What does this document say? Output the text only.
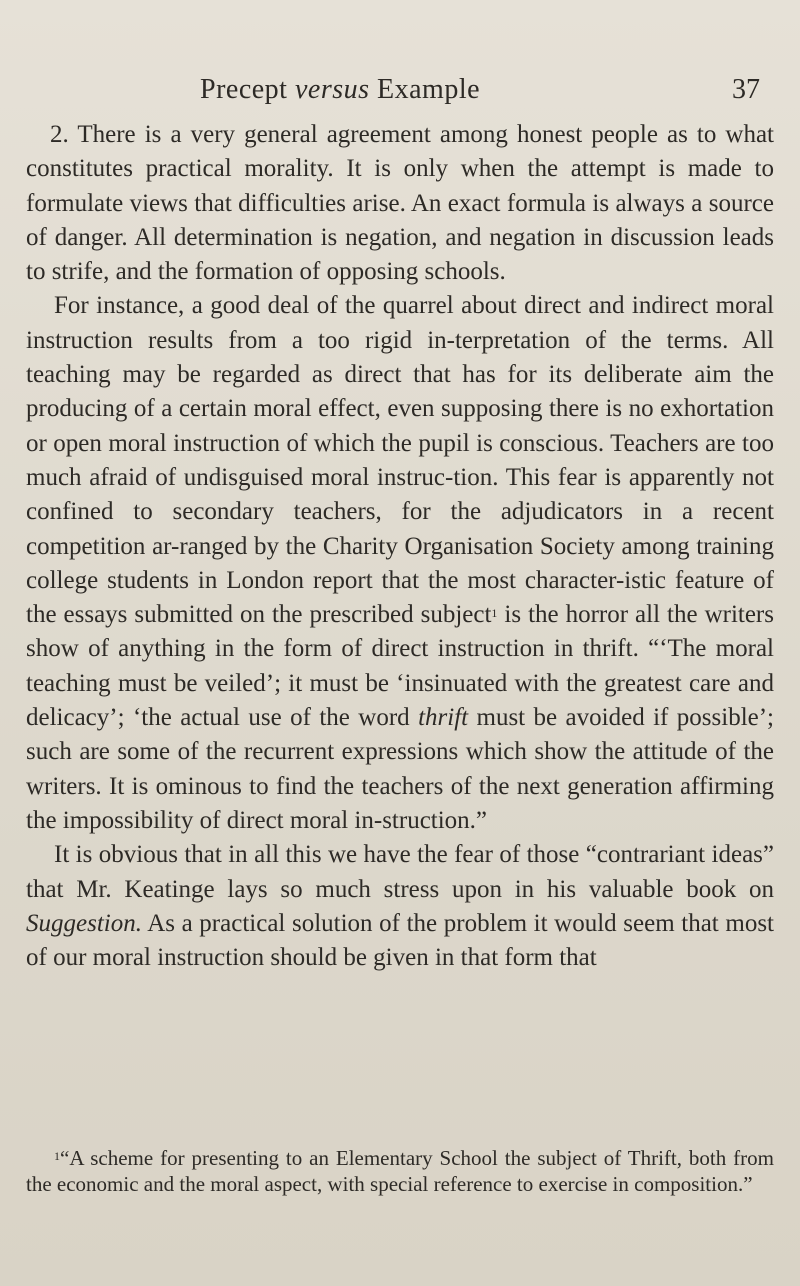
Precept versus Example	37

2. There is a very general agreement among honest people as to what constitutes practical morality. It is only when the attempt is made to formulate views that difficulties arise. An exact formula is always a source of danger. All determination is negation, and negation in discussion leads to strife, and the formation of opposing schools.

For instance, a good deal of the quarrel about direct and indirect moral instruction results from a too rigid in-terpretation of the terms. All teaching may be regarded as direct that has for its deliberate aim the producing of a certain moral effect, even supposing there is no exhortation or open moral instruction of which the pupil is conscious. Teachers are too much afraid of undisguised moral instruc-tion. This fear is apparently not confined to secondary teachers, for the adjudicators in a recent competition ar-ranged by the Charity Organisation Society among training college students in London report that the most character-istic feature of the essays submitted on the prescribed subject$^1$ is the horror all the writers show of anything in the form of direct instruction in thrift. “‘The moral teaching must be veiled’; it must be ‘insinuated with the greatest care and delicacy’; ‘the actual use of the word thrift must be avoided if possible’; such are some of the recurrent expressions which show the attitude of the writers. It is ominous to find the teachers of the next generation affirming the impossibility of direct moral in-struction.”

It is obvious that in all this we have the fear of those “contrariant ideas” that Mr. Keatinge lays so much stress upon in his valuable book on Suggestion. As a practical solution of the problem it would seem that most of our moral instruction should be given in that form that

$^1$“A scheme for presenting to an Elementary School the subject of Thrift, both from the economic and the moral aspect, with special reference to exercise in composition.”
